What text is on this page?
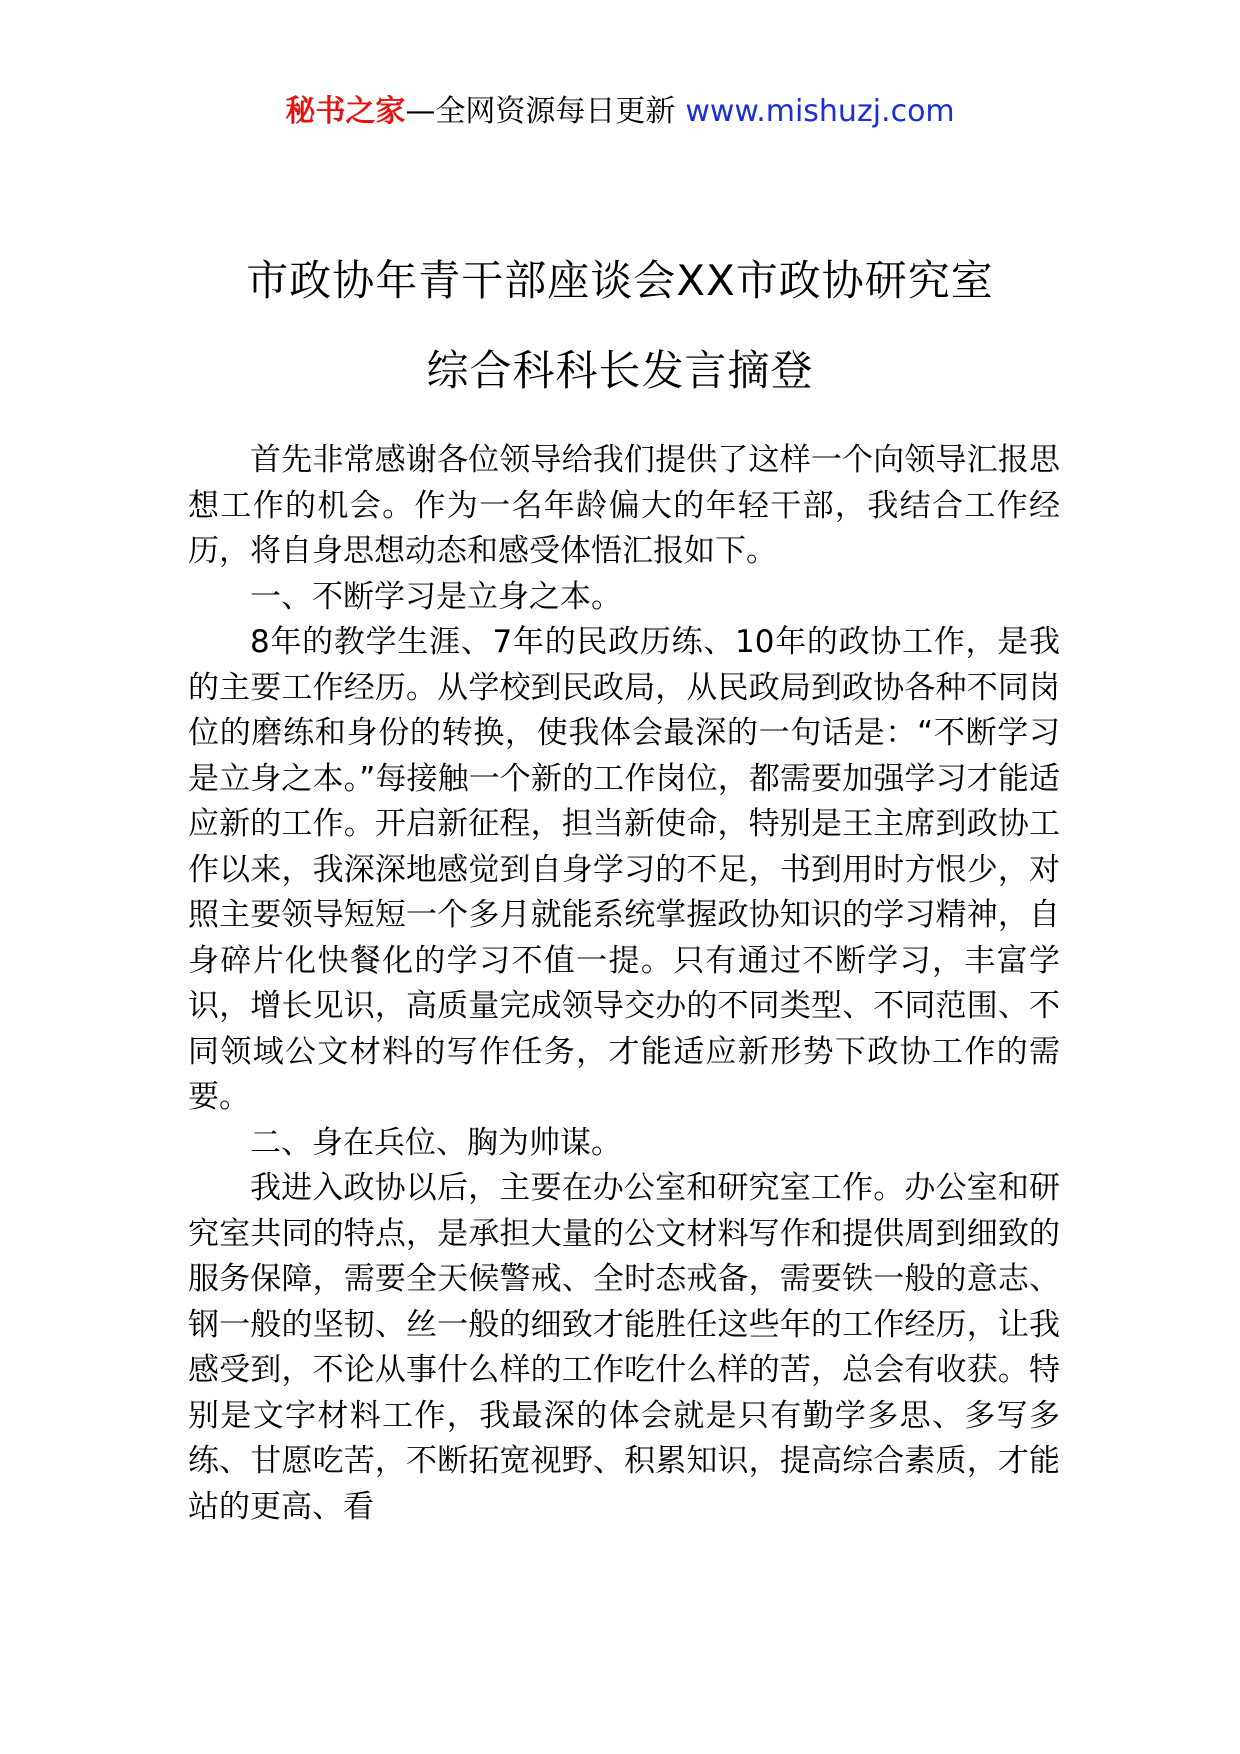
秘书之家—全网资源每日更新 www.mishuzj.com
市政协年青干部座谈会XX市政协研究室
综合科科长发言摘登

首先非常感谢各位领导给我们提供了这样一个向领导汇报思想工作的机会。作为一名年龄偏大的年轻干部，我结合工作经历，将自身思想动态和感受体悟汇报如下。

一、不断学习是立身之本。

8年的教学生涯、7年的民政历练、10年的政协工作，是我的主要工作经历。从学校到民政局，从民政局到政协各种不同岗位的磨练和身份的转换，使我体会最深的一句话是：“不断学习是立身之本。”每接触一个新的工作岗位，都需要加强学习才能适应新的工作。开启新征程，担当新使命，特别是王主席到政协工作以来，我深深地感觉到自身学习的不足，书到用时方恨少，对照主要领导短短一个多月就能系统掌握政协知识的学习精神，自身碎片化快餐化的学习不值一提。只有通过不断学习，丰富学识，增长见识，高质量完成领导交办的不同类型、不同范围、不同领域公文材料的写作任务，才能适应新形势下政协工作的需要。

二、身在兵位、胸为帅谋。

我进入政协以后，主要在办公室和研究室工作。办公室和研究室共同的特点，是承担大量的公文材料写作和提供周到细致的服务保障，需要全天候警戒、全时态戒备，需要铁一般的意志、钢一般的坚韧、丝一般的细致才能胜任这些年的工作经历，让我感受到，不论从事什么样的工作吃什么样的苦，总会有收获。特别是文字材料工作，我最深的体会就是只有勤学多思、多写多练、甘愿吃苦，不断拓宽视野、积累知识，提高综合素质，才能站的更高、看
